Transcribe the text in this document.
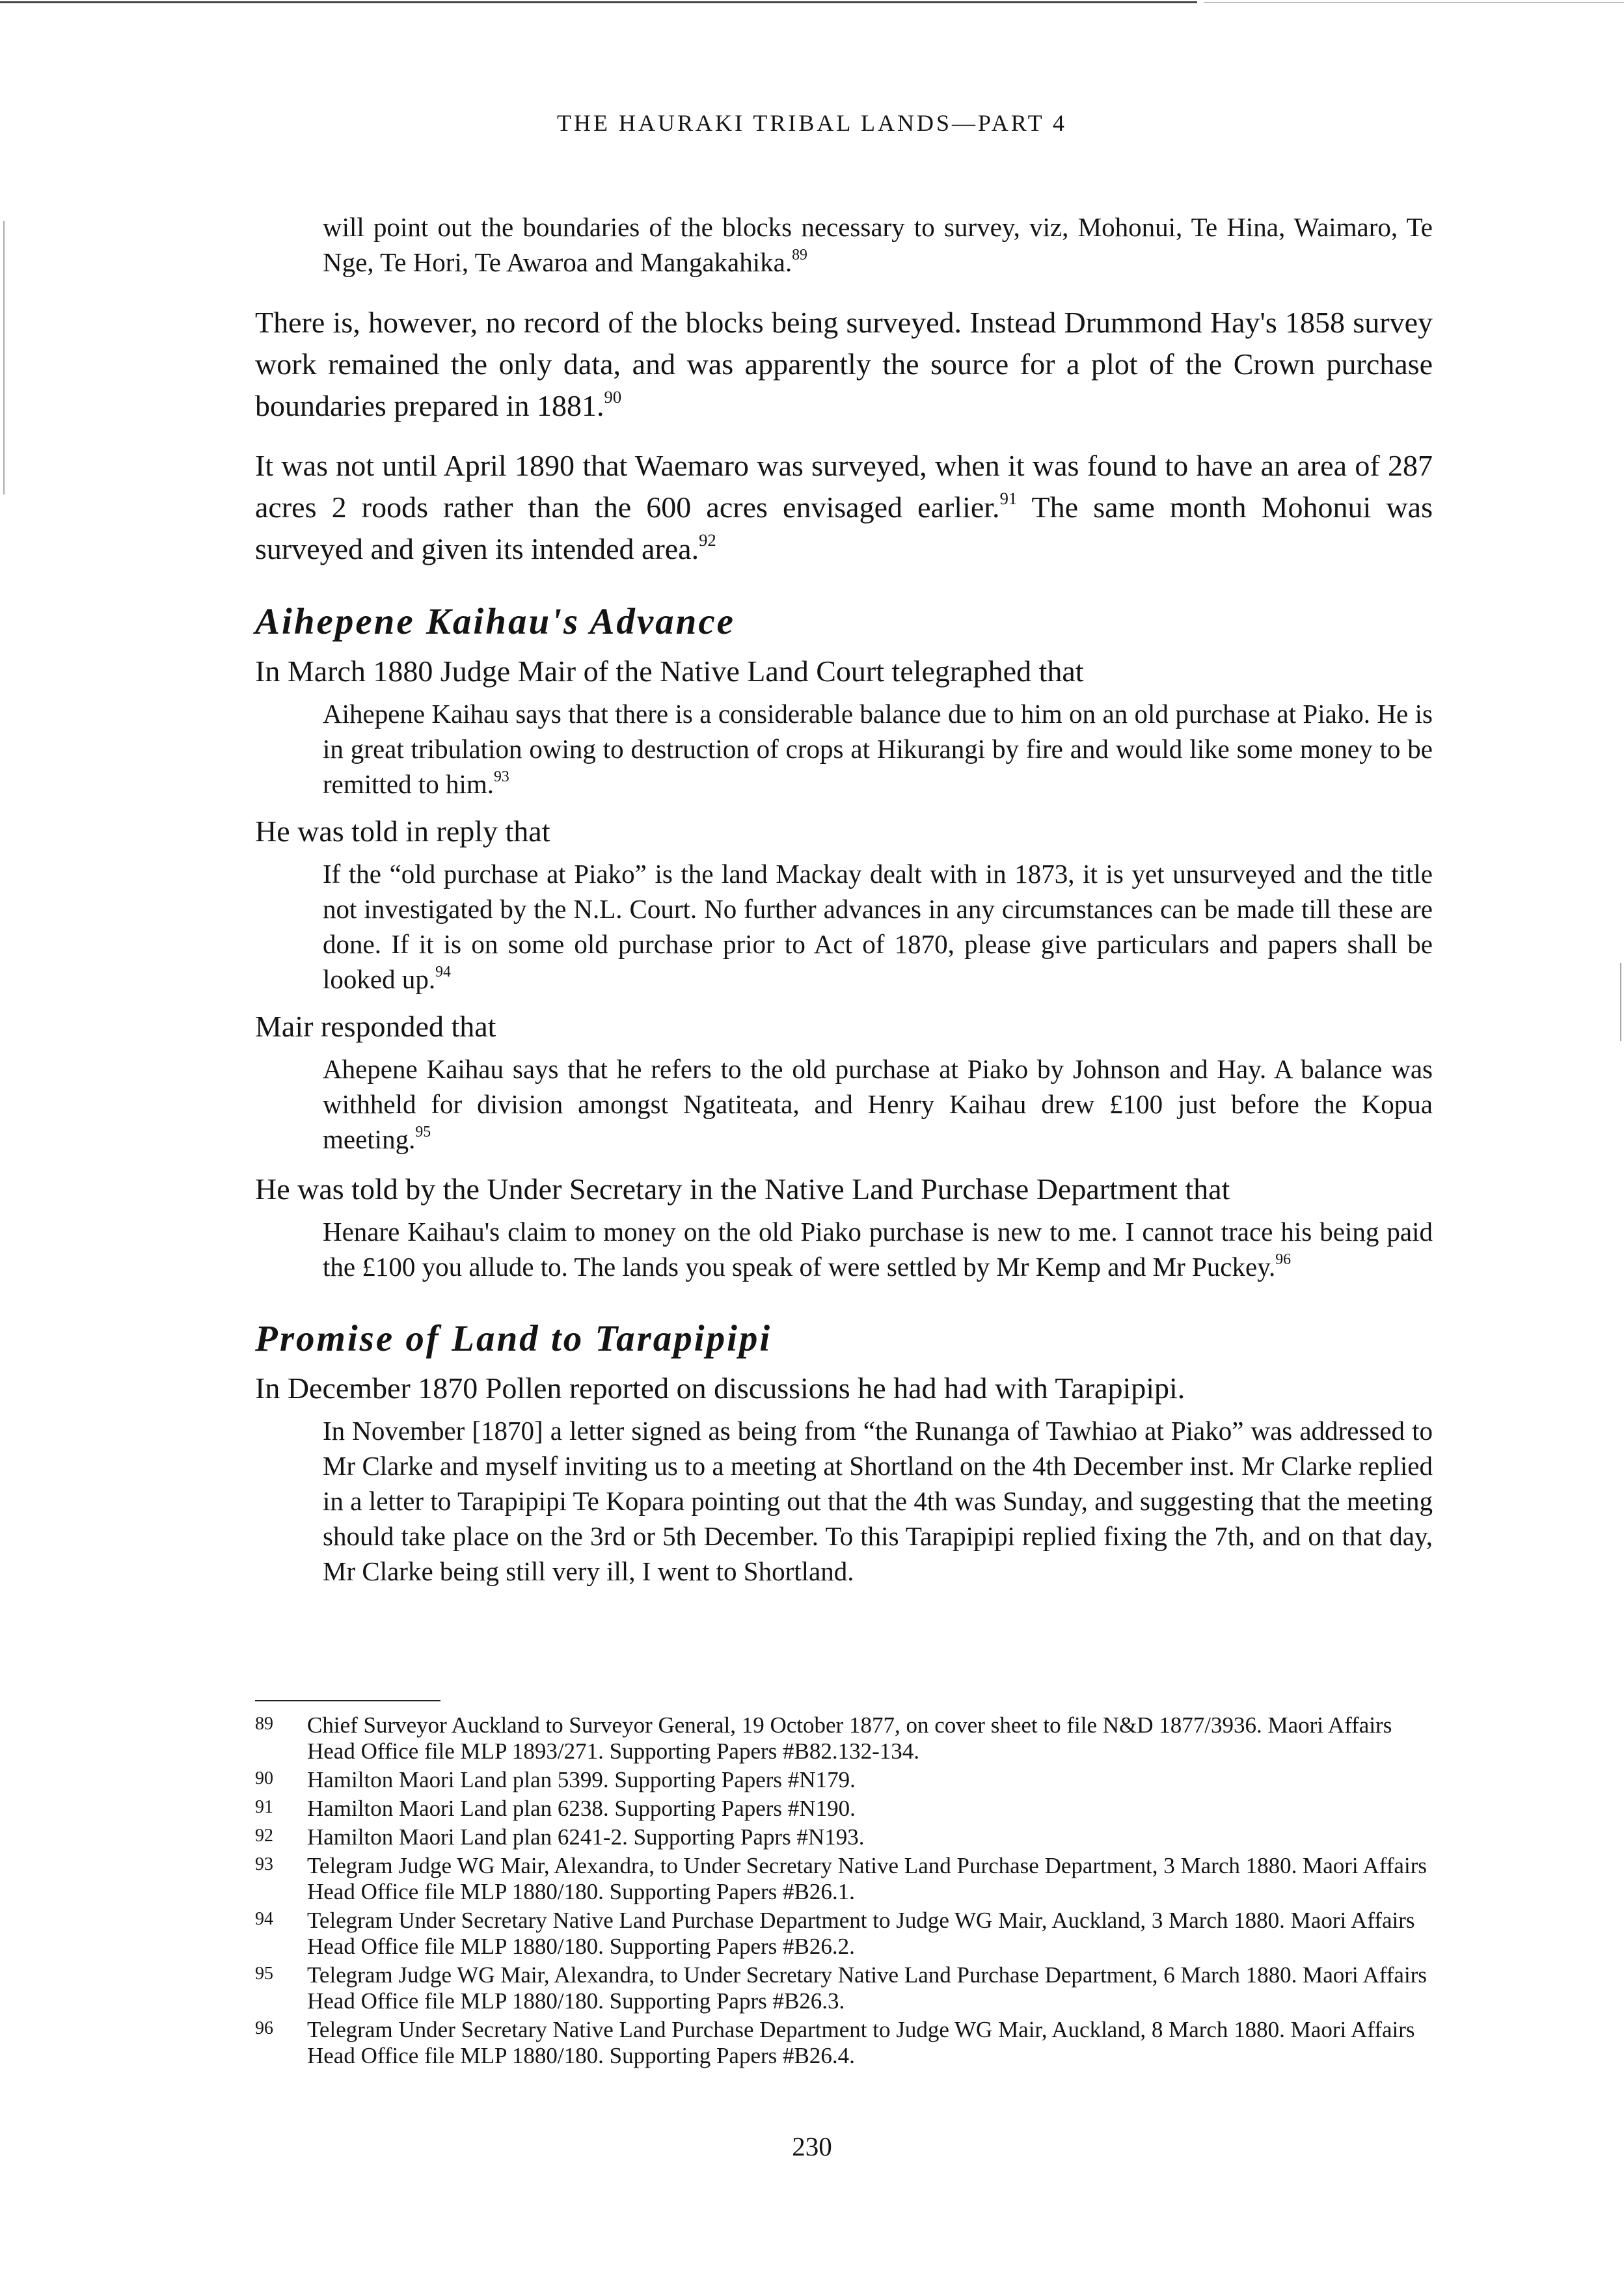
THE HAURAKI TRIBAL LANDS—PART 4

will point out the boundaries of the blocks necessary to survey, viz, Mohonui, Te Hina, Waimaro, Te Nge, Te Hori, Te Awaroa and Mangakahika.$^{89}$

There is, however, no record of the blocks being surveyed. Instead Drummond Hay's 1858 survey work remained the only data, and was apparently the source for a plot of the Crown purchase boundaries prepared in 1881.90

It was not until April 1890 that Waemaro was surveyed, when it was found to have an area of 287 acres 2 roods rather than the 600 acres envisaged earlier.$^{91}$ The same month Mohonui was surveyed and given its intended area.$^{92}$

Aihepene Kaihau's Advance

In March 1880 Judge Mair of the Native Land Court telegraphed that

Aihepene Kaihau says that there is a considerable balance due to him on an old purchase at Piako. He is in great tribulation owing to destruction of crops at Hikurangi by fire and would like some money to be remitted to him.$^{93}$

He was told in reply that

If the “old purchase at Piako” is the land Mackay dealt with in 1873, it is yet unsurveyed and the title not investigated by the N.L. Court. No further advances in any circumstances can be made till these are done. If it is on some old purchase prior to Act of 1870, please give particulars and papers shall be looked up.$^{94}$

Mair responded that

Ahepene Kaihau says that he refers to the old purchase at Piako by Johnson and Hay. A balance was withheld for division amongst Ngatiteata, and Henry Kaihau drew £100 just before the Kopua meeting.$^{95}$

He was told by the Under Secretary in the Native Land Purchase Department that

Henare Kaihau's claim to money on the old Piako purchase is new to me. I cannot trace his being paid the £100 you allude to. The lands you speak of were settled by Mr Kemp and Mr Puckey.$^{96}$

Promise of Land to Tarapipipi

In December 1870 Pollen reported on discussions he had had with Tarapipipi.

In November [1870] a letter signed as being from “the Runanga of Tawhiao at Piako” was addressed to Mr Clarke and myself inviting us to a meeting at Shortland on the 4th December inst. Mr Clarke replied in a letter to Tarapipipi Te Kopara pointing out that the 4th was Sunday, and suggesting that the meeting should take place on the 3rd or 5th December. To this Tarapipipi replied fixing the 7th, and on that day, Mr Clarke being still very ill, I went to Shortland.

89	Chief Surveyor Auckland to Surveyor General, 19 October 1877, on cover sheet to file N&D 1877/3936. Maori Affairs Head Office file MLP 1893/271. Supporting Papers #B82.132-134.
90	Hamilton Maori Land plan 5399. Supporting Papers #N179.
91	Hamilton Maori Land plan 6238. Supporting Papers #N190.
92	Hamilton Maori Land plan 6241-2. Supporting Paprs #N193.
93	Telegram Judge WG Mair, Alexandra, to Under Secretary Native Land Purchase Department, 3 March 1880. Maori Affairs Head Office file MLP 1880/180. Supporting Papers #B26.1.
94	Telegram Under Secretary Native Land Purchase Department to Judge WG Mair, Auckland, 3 March 1880. Maori Affairs Head Office file MLP 1880/180. Supporting Papers #B26.2.
95	Telegram Judge WG Mair, Alexandra, to Under Secretary Native Land Purchase Department, 6 March 1880. Maori Affairs Head Office file MLP 1880/180. Supporting Paprs #B26.3.
96	Telegram Under Secretary Native Land Purchase Department to Judge WG Mair, Auckland, 8 March 1880. Maori Affairs Head Office file MLP 1880/180. Supporting Papers #B26.4.
230
